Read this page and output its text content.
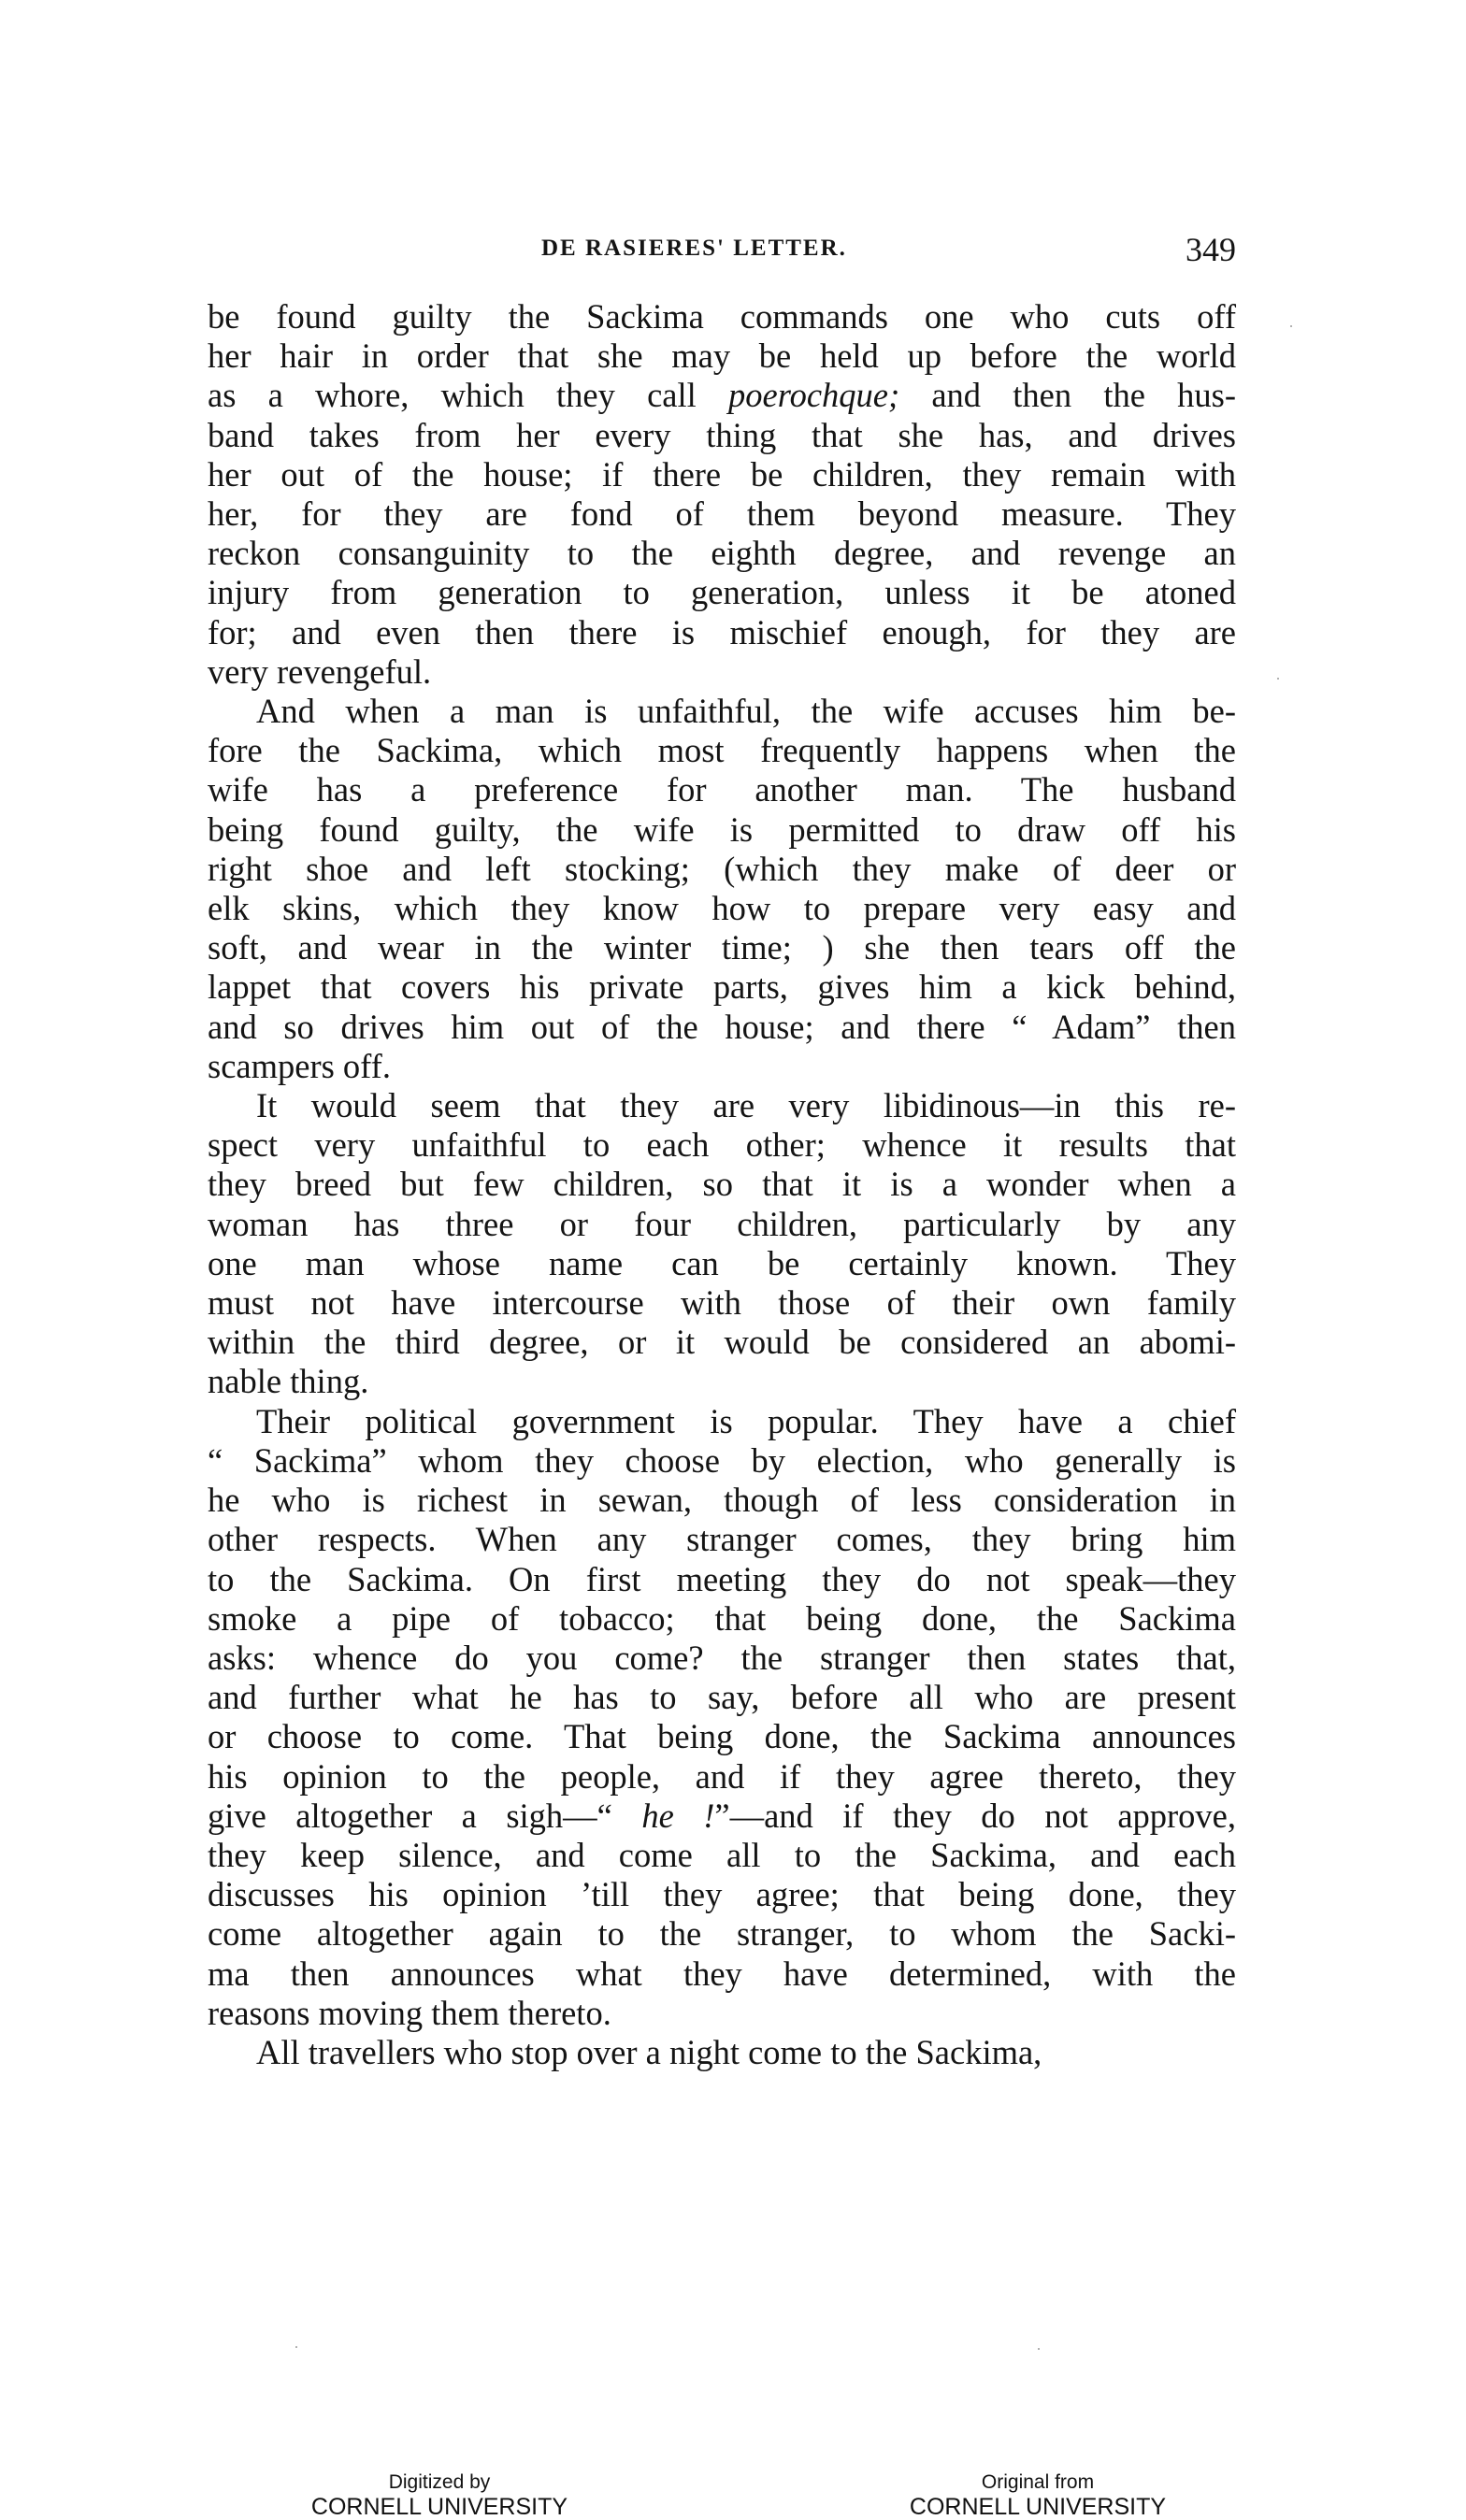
DE RASIERES' LETTER.	349

be found guilty the Sackima commands one who cuts off
her hair in order that she may be held up before the world
as a whore, which they call poerochque; and then the hus-
band takes from her every thing that she has, and drives
her out of the house; if there be children, they remain with
her, for they are fond of them beyond measure. They
reckon consanguinity to the eighth degree, and revenge an
injury from generation to generation, unless it be atoned
for; and even then there is mischief enough, for they are
very revengeful.

And when a man is unfaithful, the wife accuses him be-
fore the Sackima, which most frequently happens when the
wife has a preference for another man. The husband
being found guilty, the wife is permitted to draw off his
right shoe and left stocking; (which they make of deer or
elk skins, which they know how to prepare very easy and
soft, and wear in the winter time; ) she then tears off the
lappet that covers his private parts, gives him a kick behind,
and so drives him out of the house; and there “ Adam” then
scampers off.

It would seem that they are very libidinous—in this re-
spect very unfaithful to each other; whence it results that
they breed but few children, so that it is a wonder when a
woman has three or four children, particularly by any
one man whose name can be certainly known. They
must not have intercourse with those of their own family
within the third degree, or it would be considered an abomi-
nable thing.

Their political government is popular. They have a chief
“ Sackima” whom they choose by election, who generally is
he who is richest in sewan, though of less consideration in
other respects. When any stranger comes, they bring him
to the Sackima. On first meeting they do not speak—they
smoke a pipe of tobacco; that being done, the Sackima
asks: whence do you come? the stranger then states that,
and further what he has to say, before all who are present
or choose to come. That being done, the Sackima announces
his opinion to the people, and if they agree thereto, they
give altogether a sigh—“ he !”—and if they do not approve,
they keep silence, and come all to the Sackima, and each
discusses his opinion ’till they agree; that being done, they
come altogether again to the stranger, to whom the Sacki-
ma then announces what they have determined, with the
reasons moving them thereto.

All travellers who stop over a night come to the Sackima,

Digitized by
CORNELL UNIVERSITY
Original from
CORNELL UNIVERSITY
